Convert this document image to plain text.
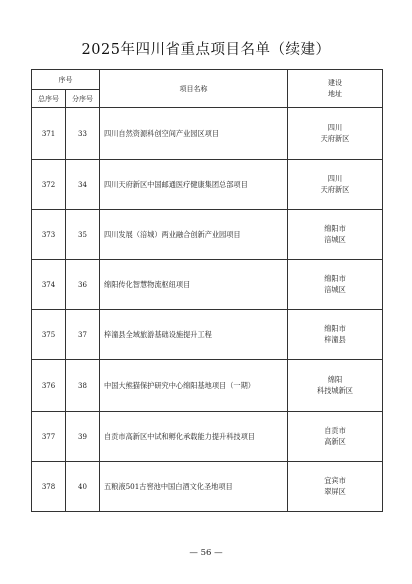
2025年四川省重点项目名单（续建）
序号		项目名称	建设
地址

总序号	分序号		
371	33	四川自然资源科创空间产业园区项目	四川
天府新区

372	34	四川天府新区中国邮通医疗健康集团总部项目	四川
天府新区

373	35	四川发展（涪城）两业融合创新产业园项目	绵阳市
涪城区

374	36	绵阳传化智慧物流枢纽项目	绵阳市
涪城区

375	37	梓潼县全域旅游基础设施提升工程	绵阳市
梓潼县

376	38	中国大熊猫保护研究中心绵阳基地项目（一期）	绵阳
科技城新区

377	39	自贡市高新区中试和孵化承载能力提升科技项目	自贡市
高新区

378	40	五粮液501古窖池中国白酒文化圣地项目	宜宾市
翠屏区
— 56 —
